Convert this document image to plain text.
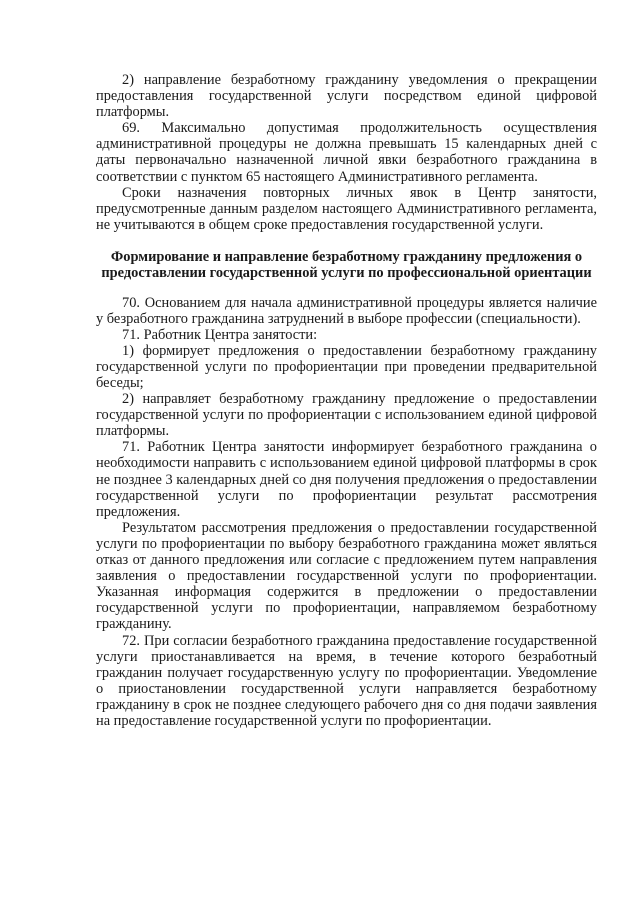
2) направление безработному гражданину уведомления о прекращении предоставления государственной услуги посредством единой цифровой платформы.

69. Максимально допустимая продолжительность осуществления административной процедуры не должна превышать 15 календарных дней с даты первоначально назначенной личной явки безработного гражданина в соответствии с пунктом 65 настоящего Административного регламента.

Сроки назначения повторных личных явок в Центр занятости, предусмотренные данным разделом настоящего Административного регламента, не учитываются в общем сроке предоставления государственной услуги.

Формирование и направление безработному гражданину предложения о предоставлении государственной услуги по профессиональной ориентации

70. Основанием для начала административной процедуры является наличие у безработного гражданина затруднений в выборе профессии (специальности).

71. Работник Центра занятости:

1) формирует предложения о предоставлении безработному гражданину государственной услуги по профориентации при проведении предварительной беседы;

2) направляет безработному гражданину предложение о предоставлении государственной услуги по профориентации с использованием единой цифровой платформы.

71. Работник Центра занятости информирует безработного гражданина о необходимости направить с использованием единой цифровой платформы в срок не позднее 3 календарных дней со дня получения предложения о предоставлении государственной услуги по профориентации результат рассмотрения предложения.

Результатом рассмотрения предложения о предоставлении государственной услуги по профориентации по выбору безработного гражданина может являться отказ от данного предложения или согласие с предложением путем направления заявления о предоставлении государственной услуги по профориентации. Указанная информация содержится в предложении о предоставлении государственной услуги по профориентации, направляемом безработному гражданину.

72. При согласии безработного гражданина предоставление государственной услуги приостанавливается на время, в течение которого безработный гражданин получает государственную услугу по профориентации. Уведомление о приостановлении государственной услуги направляется безработному гражданину в срок не позднее следующего рабочего дня со дня подачи заявления на предоставление государственной услуги по профориентации.
